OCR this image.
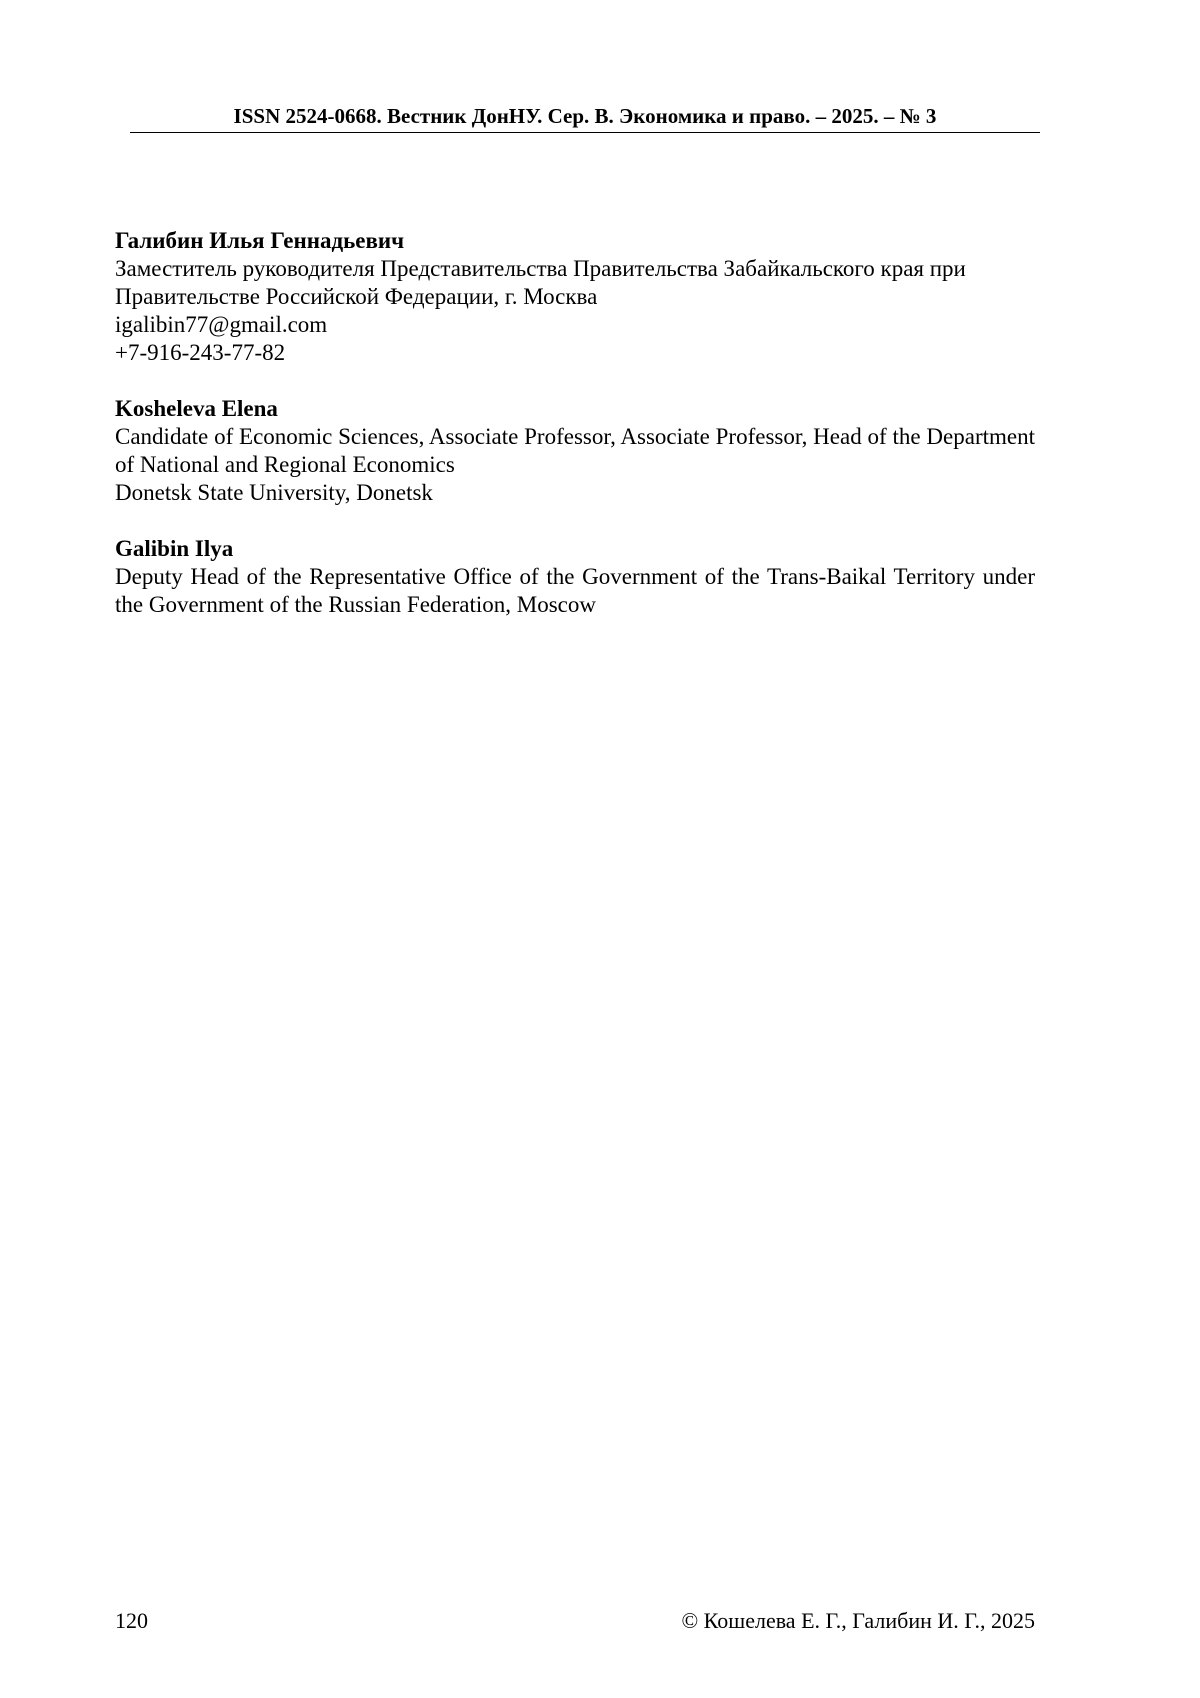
ISSN 2524-0668. Вестник ДонНУ. Сер. В. Экономика и право. – 2025. – № 3
Галибин Илья Геннадьевич
Заместитель руководителя Представительства Правительства Забайкальского края при
Правительстве Российской Федерации, г. Москва
igalibin77@gmail.com
+7-916-243-77-82
Kosheleva Elena
Candidate of Economic Sciences, Associate Professor, Associate Professor, Head of the Department of National and Regional Economics
Donetsk State University, Donetsk
Galibin Ilya
Deputy Head of the Representative Office of the Government of the Trans-Baikal Territory under the Government of the Russian Federation, Moscow
120	© Кошелева Е. Г., Галибин И. Г., 2025
